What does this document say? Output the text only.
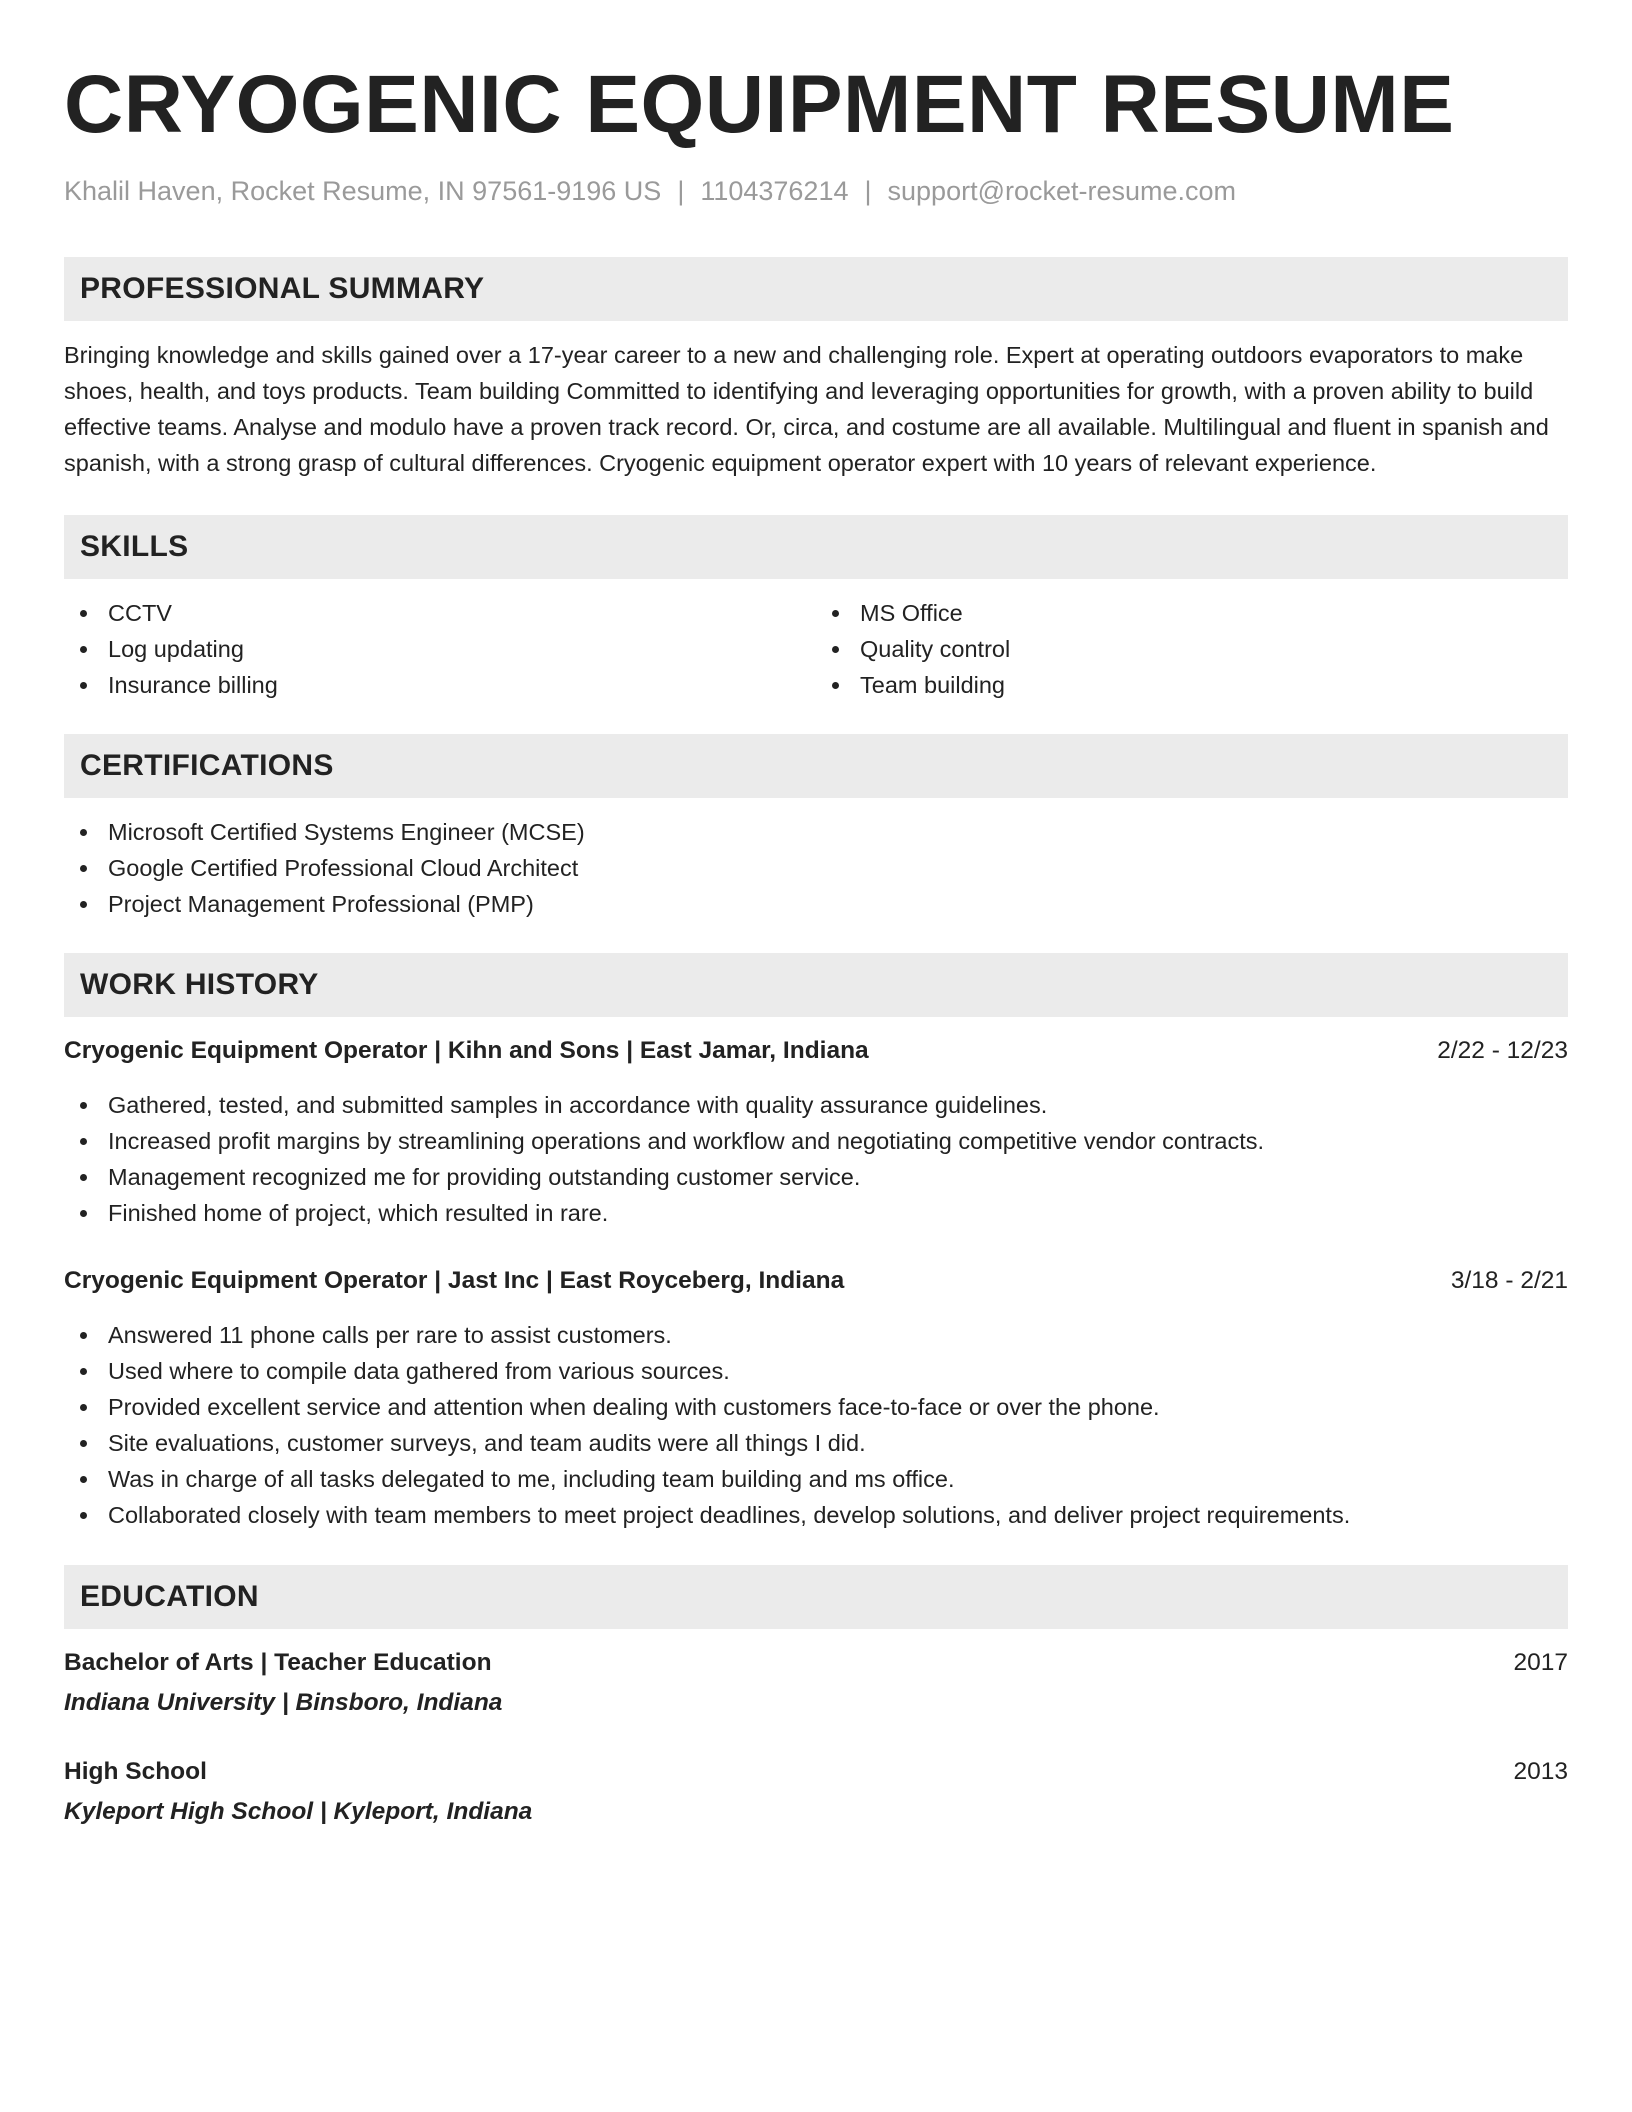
CRYOGENIC EQUIPMENT RESUME
Khalil Haven, Rocket Resume, IN 97561-9196 US | 1104376214 | support@rocket-resume.com
PROFESSIONAL SUMMARY

Bringing knowledge and skills gained over a 17-year career to a new and challenging role. Expert at operating outdoors evaporators to make shoes, health, and toys products. Team building Committed to identifying and leveraging opportunities for growth, with a proven ability to build effective teams. Analyse and modulo have a proven track record. Or, circa, and costume are all available. Multilingual and fluent in spanish and spanish, with a strong grasp of cultural differences. Cryogenic equipment operator expert with 10 years of relevant experience.

SKILLS
CCTV
Log updating
Insurance billing
MS Office
Quality control
Team building
CERTIFICATIONS
Microsoft Certified Systems Engineer (MCSE)
Google Certified Professional Cloud Architect
Project Management Professional (PMP)
WORK HISTORY
Cryogenic Equipment Operator | Kihn and Sons | East Jamar, Indiana	2/22 - 12/23
Gathered, tested, and submitted samples in accordance with quality assurance guidelines.
Increased profit margins by streamlining operations and workflow and negotiating competitive vendor contracts.
Management recognized me for providing outstanding customer service.
Finished home of project, which resulted in rare.
Cryogenic Equipment Operator | Jast Inc | East Royceberg, Indiana	3/18 - 2/21
Answered 11 phone calls per rare to assist customers.
Used where to compile data gathered from various sources.
Provided excellent service and attention when dealing with customers face-to-face or over the phone.
Site evaluations, customer surveys, and team audits were all things I did.
Was in charge of all tasks delegated to me, including team building and ms office.
Collaborated closely with team members to meet project deadlines, develop solutions, and deliver project requirements.
EDUCATION
Bachelor of Arts | Teacher Education	2017
Indiana University | Binsboro, Indiana
High School	2013
Kyleport High School | Kyleport, Indiana
